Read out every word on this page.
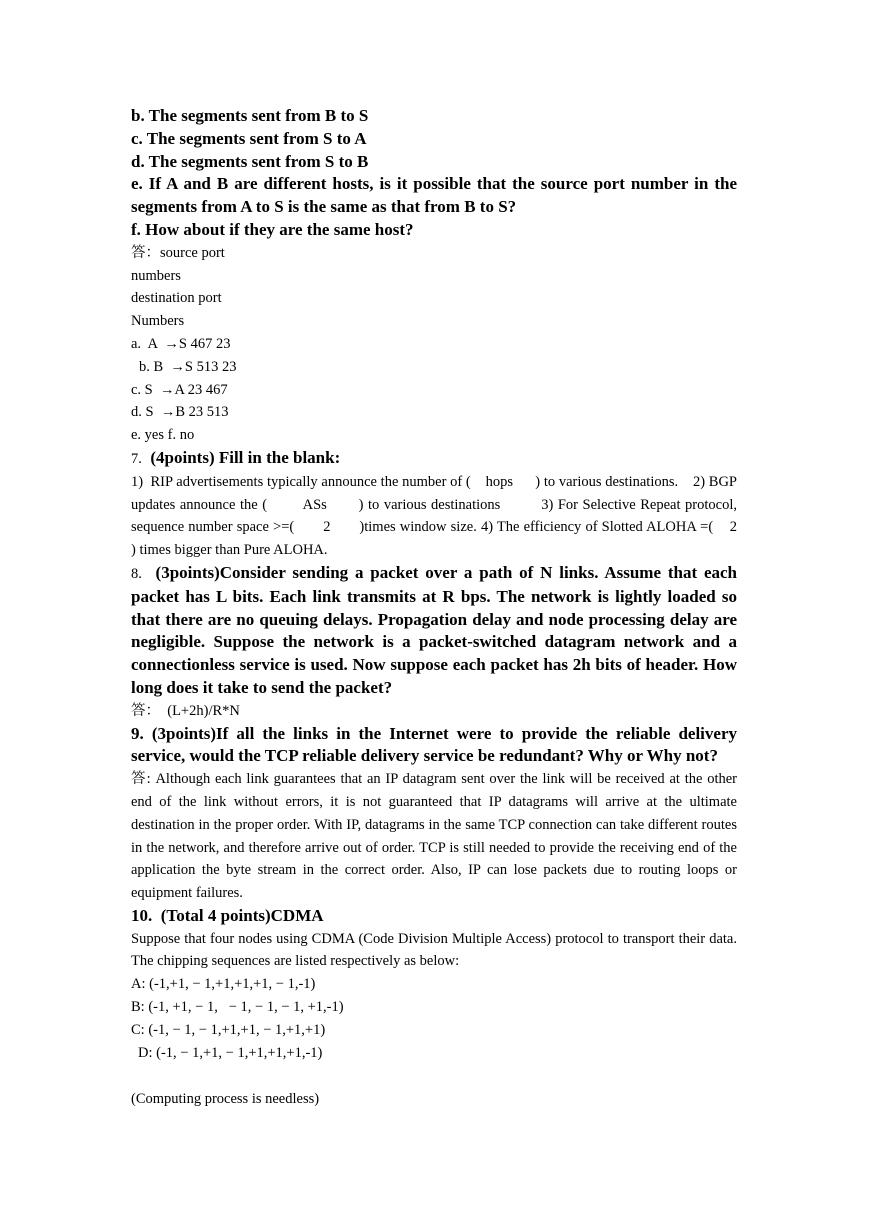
b. The segments sent from B to S

c. The segments sent from S to A

d. The segments sent from S to B

e. If A and B are different hosts, is it possible that the source port number in the segments from A to S is the same as that from B to S?

f. How about if they are the same host?

答：source port

numbers

destination port

Numbers

a.  A  →S 467 23

b. B  →S 513 23

c. S  →A 23 467

d. S  →B 23 513

e. yes f. no

7. (4points) Fill in the blank:

1)  RIP advertisements typically announce the number of (    hops      ) to various destinations.    2) BGP updates announce the (        ASs       ) to various destinations         3) For Selective Repeat protocol, sequence number space >=(       2       )times window size. 4) The efficiency of Slotted ALOHA =(    2      ) times bigger than Pure ALOHA.

8. (3points)Consider sending a packet over a path of N links. Assume that each packet has L bits. Each link transmits at R bps. The network is lightly loaded so that there are no queuing delays. Propagation delay and node processing delay are negligible. Suppose the network is a packet-switched datagram network and a connectionless service is used. Now suppose each packet has 2h bits of header. How long does it take to send the packet?

答：  (L+2h)/R*N

9. (3points)If all the links in the Internet were to provide the reliable delivery service, would the TCP reliable delivery service be redundant? Why or Why not?

答: Although each link guarantees that an IP datagram sent over the link will be received at the other end of the link without errors, it is not guaranteed that IP datagrams will arrive at the ultimate destination in the proper order. With IP, datagrams in the same TCP connection can take different routes in the network, and therefore arrive out of order. TCP is still needed to provide the receiving end of the application the byte stream in the correct order. Also, IP can lose packets due to routing loops or equipment failures.

10.  (Total 4 points)CDMA

Suppose that four nodes using CDMA (Code Division Multiple Access) protocol to transport their data. The chipping sequences are listed respectively as below:

A: (-1,+1, − 1,+1,+1,+1, − 1,-1)

B: (-1, +1, − 1,   − 1, − 1, − 1, +1,-1)

C: (-1, − 1, − 1,+1,+1, − 1,+1,+1)

D: (-1, − 1,+1, − 1,+1,+1,+1,-1)

(Computing process is needless)
